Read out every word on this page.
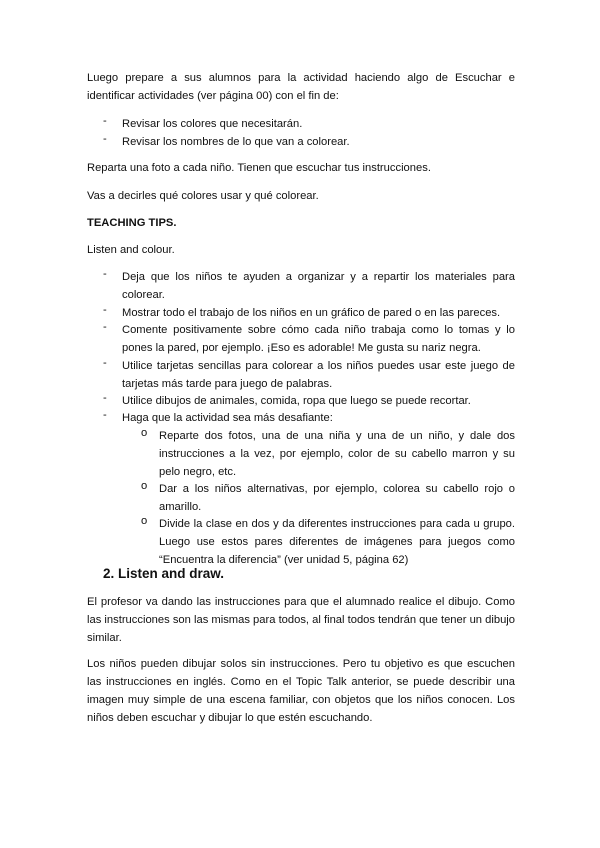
Luego prepare a sus alumnos para la actividad haciendo algo de Escuchar e identificar actividades (ver página 00) con el fin de:

- Revisar los colores que necesitarán.
- Revisar los nombres de lo que van a colorear.

Reparta una foto a cada niño. Tienen que escuchar tus instrucciones.

Vas a decirles qué colores usar y qué colorear.

TEACHING TIPS.

Listen and colour.

- Deja que los niños te ayuden a organizar y a repartir los materiales para colorear.
- Mostrar todo el trabajo de los niños en un gráfico de pared o en las pareces.
- Comente positivamente sobre cómo cada niño trabaja como lo tomas y lo pones la pared, por ejemplo. ¡Eso es adorable! Me gusta su nariz negra.
- Utilice tarjetas sencillas para colorear a los niños puedes usar este juego de tarjetas más tarde para juego de palabras.
- Utilice dibujos de animales, comida, ropa que luego se puede recortar.
- Haga que la actividad sea más desafiante:
o Reparte dos fotos, una de una niña y una de un niño, y dale dos instrucciones a la vez, por ejemplo, color de su cabello marron y su pelo negro, etc.
o Dar a los niños alternativas, por ejemplo, colorea su cabello rojo o amarillo.
o Divide la clase en dos y da diferentes instrucciones para cada u grupo. Luego use estos pares diferentes de imágenes para juegos como “Encuentra la diferencia” (ver unidad 5, página 62)
2. Listen and draw.

El profesor va dando las instrucciones para que el alumnado realice el dibujo. Como las instrucciones son las mismas para todos, al final todos tendrán que tener un dibujo similar.

Los niños pueden dibujar solos sin instrucciones. Pero tu objetivo es que escuchen las instrucciones en inglés. Como en el Topic Talk anterior, se puede describir una imagen muy simple de una escena familiar, con objetos que los niños conocen. Los niños deben escuchar y dibujar lo que estén escuchando.
